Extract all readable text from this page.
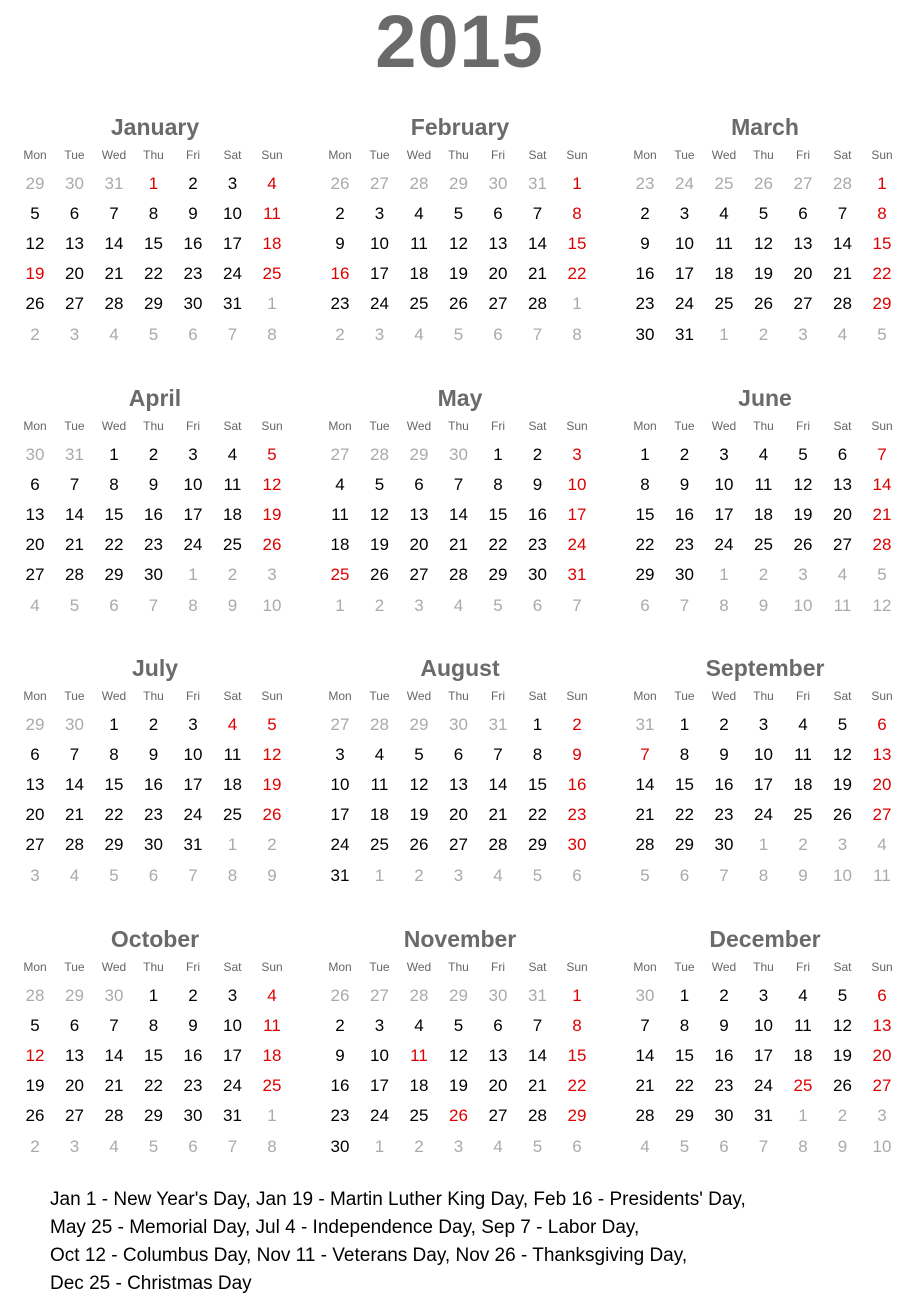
2015
January
Mon	Tue	Wed	Thu	Fri	Sat	Sun
29	30	31	1	2	3	4
5	6	7	8	9	10	11
12	13	14	15	16	17	18
19	20	21	22	23	24	25
26	27	28	29	30	31	1
2	3	4	5	6	7	8
February
Mon	Tue	Wed	Thu	Fri	Sat	Sun
26	27	28	29	30	31	1
2	3	4	5	6	7	8
9	10	11	12	13	14	15
16	17	18	19	20	21	22
23	24	25	26	27	28	1
2	3	4	5	6	7	8
March
Mon	Tue	Wed	Thu	Fri	Sat	Sun
23	24	25	26	27	28	1
2	3	4	5	6	7	8
9	10	11	12	13	14	15
16	17	18	19	20	21	22
23	24	25	26	27	28	29
30	31	1	2	3	4	5
April
Mon	Tue	Wed	Thu	Fri	Sat	Sun
30	31	1	2	3	4	5
6	7	8	9	10	11	12
13	14	15	16	17	18	19
20	21	22	23	24	25	26
27	28	29	30	1	2	3
4	5	6	7	8	9	10
May
Mon	Tue	Wed	Thu	Fri	Sat	Sun
27	28	29	30	1	2	3
4	5	6	7	8	9	10
11	12	13	14	15	16	17
18	19	20	21	22	23	24
25	26	27	28	29	30	31
1	2	3	4	5	6	7
June
Mon	Tue	Wed	Thu	Fri	Sat	Sun
1	2	3	4	5	6	7
8	9	10	11	12	13	14
15	16	17	18	19	20	21
22	23	24	25	26	27	28
29	30	1	2	3	4	5
6	7	8	9	10	11	12
July
Mon	Tue	Wed	Thu	Fri	Sat	Sun
29	30	1	2	3	4	5
6	7	8	9	10	11	12
13	14	15	16	17	18	19
20	21	22	23	24	25	26
27	28	29	30	31	1	2
3	4	5	6	7	8	9
August
Mon	Tue	Wed	Thu	Fri	Sat	Sun
27	28	29	30	31	1	2
3	4	5	6	7	8	9
10	11	12	13	14	15	16
17	18	19	20	21	22	23
24	25	26	27	28	29	30
31	1	2	3	4	5	6
September
Mon	Tue	Wed	Thu	Fri	Sat	Sun
31	1	2	3	4	5	6
7	8	9	10	11	12	13
14	15	16	17	18	19	20
21	22	23	24	25	26	27
28	29	30	1	2	3	4
5	6	7	8	9	10	11
October
Mon	Tue	Wed	Thu	Fri	Sat	Sun
28	29	30	1	2	3	4
5	6	7	8	9	10	11
12	13	14	15	16	17	18
19	20	21	22	23	24	25
26	27	28	29	30	31	1
2	3	4	5	6	7	8
November
Mon	Tue	Wed	Thu	Fri	Sat	Sun
26	27	28	29	30	31	1
2	3	4	5	6	7	8
9	10	11	12	13	14	15
16	17	18	19	20	21	22
23	24	25	26	27	28	29
30	1	2	3	4	5	6
December
Mon	Tue	Wed	Thu	Fri	Sat	Sun
30	1	2	3	4	5	6
7	8	9	10	11	12	13
14	15	16	17	18	19	20
21	22	23	24	25	26	27
28	29	30	31	1	2	3
4	5	6	7	8	9	10
Jan 1 - New Year's Day, Jan 19 - Martin Luther King Day, Feb 16 - Presidents' Day,
May 25 - Memorial Day, Jul 4 - Independence Day, Sep 7 - Labor Day,
Oct 12 - Columbus Day, Nov 11 - Veterans Day, Nov 26 - Thanksgiving Day,
Dec 25 - Christmas Day
